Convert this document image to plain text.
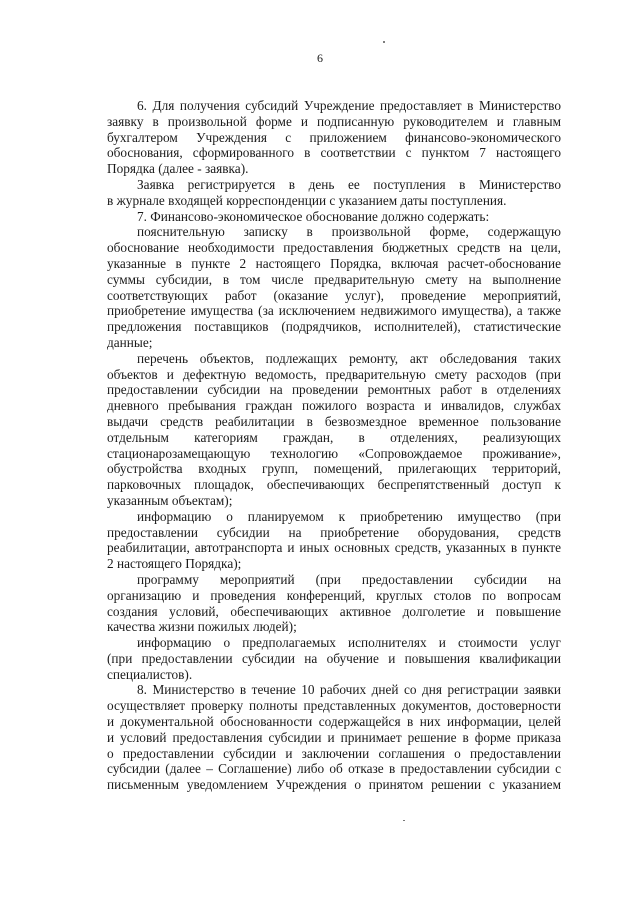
6
6. Для получения субсидий Учреждение предоставляет в Министерство
заявку в произвольной форме и подписанную руководителем и главным
бухгалтером Учреждения с приложением финансово-экономического
обоснования, сформированного в соответствии с пунктом 7 настоящего
Порядка (далее - заявка).
Заявка регистрируется в день ее поступления в Министерство
в журнале входящей корреспонденции с указанием даты поступления.
7. Финансово-экономическое обоснование должно содержать:
пояснительную записку в произвольной форме, содержащую
обоснование необходимости предоставления бюджетных средств на цели,
указанные в пункте 2 настоящего Порядка, включая расчет-обоснование
суммы субсидии, в том числе предварительную смету на выполнение
соответствующих работ (оказание услуг), проведение мероприятий,
приобретение имущества (за исключением недвижимого имущества), а также
предложения поставщиков (подрядчиков, исполнителей), статистические
данные;
перечень объектов, подлежащих ремонту, акт обследования таких
объектов и дефектную ведомость, предварительную смету расходов (при
предоставлении субсидии на проведении ремонтных работ в отделениях
дневного пребывания граждан пожилого возраста и инвалидов, службах
выдачи средств реабилитации в безвозмездное временное пользование
отдельным категориям граждан, в отделениях, реализующих
стационарозамещающую технологию «Сопровождаемое проживание»,
обустройства входных групп, помещений, прилегающих территорий,
парковочных площадок, обеспечивающих беспрепятственный доступ к
указанным объектам);
информацию о планируемом к приобретению имущество (при
предоставлении субсидии на приобретение оборудования, средств
реабилитации, автотранспорта и иных основных средств, указанных в пункте
2 настоящего Порядка);
программу мероприятий (при предоставлении субсидии на
организацию и проведения конференций, круглых столов по вопросам
создания условий, обеспечивающих активное долголетие и повышение
качества жизни пожилых людей);
информацию о предполагаемых исполнителях и стоимости услуг
(при предоставлении субсидии на обучение и повышения квалификации
специалистов).
8. Министерство в течение 10 рабочих дней со дня регистрации заявки
осуществляет проверку полноты представленных документов, достоверности
и документальной обоснованности содержащейся в них информации, целей
и условий предоставления субсидии и принимает решение в форме приказа
о предоставлении субсидии и заключении соглашения о предоставлении
субсидии (далее – Соглашение) либо об отказе в предоставлении субсидии с
письменным уведомлением Учреждения о принятом решении с указанием
